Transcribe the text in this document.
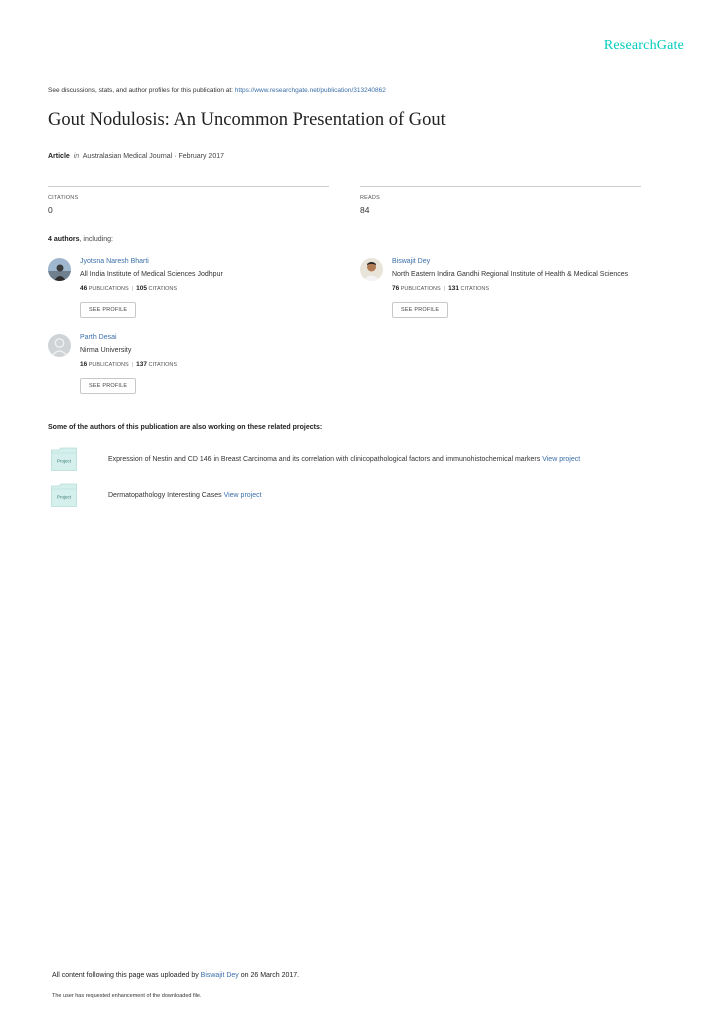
ResearchGate
See discussions, stats, and author profiles for this publication at: https://www.researchgate.net/publication/313240862
Gout Nodulosis: An Uncommon Presentation of Gout
Article in Australasian Medical Journal · February 2017
CITATIONS
0
READS
84
4 authors, including:
Jyotsna Naresh Bharti
All India Institute of Medical Sciences Jodhpur
46 PUBLICATIONS | 105 CITATIONS
SEE PROFILE
Biswajit Dey
North Eastern Indira Gandhi Regional Institute of Health & Medical Sciences
76 PUBLICATIONS | 131 CITATIONS
SEE PROFILE
Parth Desai
Nirma University
16 PUBLICATIONS | 137 CITATIONS
SEE PROFILE
Some of the authors of this publication are also working on these related projects:
Project	Expression of Nestin and CD 146 in Breast Carcinoma and its correlation with clinicopathological factors and immunohistochemical markers View project
Project	Dermatopathology Interesting Cases View project
All content following this page was uploaded by Biswajit Dey on 26 March 2017.
The user has requested enhancement of the downloaded file.
